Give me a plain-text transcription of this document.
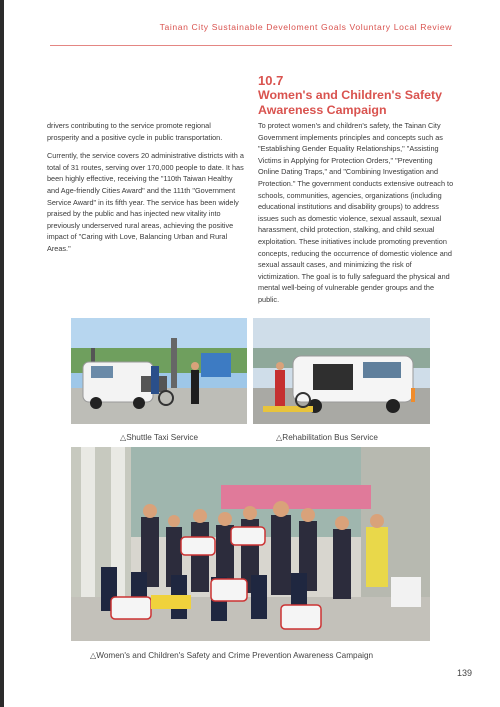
Tainan City Sustainable Develoment Goals Voluntary Local Review
10.7
Women's and Children's Safety Awareness Campaign

drivers contributing to the service promote regional prosperity and a positive cycle in public transportation.

Currently, the service covers 20 administrative districts with a total of 31 routes, serving over 170,000 people to date. It has been highly effective, receiving the "110th Taiwan Healthy and Age-friendly Cities Award" and the 111th "Government Service Award" in its fifth year. The service has been widely praised by the public and has injected new vitality into previously underserved rural areas, achieving the positive impact of "Caring with Love, Balancing Urban and Rural Areas."

To protect women's and children's safety, the Tainan City Government implements principles and concepts such as "Establishing Gender Equality Relationships," "Assisting Victims in Applying for Protection Orders," "Preventing Online Dating Traps," and "Combining Investigation and Protection." The government conducts extensive outreach to schools, communities, agencies, organizations (including educational institutions and disability groups) to address issues such as domestic violence, sexual assault, sexual harassment, child protection, stalking, and child sexual exploitation. These initiatives include promoting prevention concepts, reducing the occurrence of domestic violence and sexual assault cases, and minimizing the risk of victimization. The goal is to fully safeguard the physical and mental well-being of vulnerable gender groups and the public.

△Shuttle Taxi Service	△Rehabilitation Bus Service
△Women's and Children's Safety and Crime Prevention Awareness Campaign
139
